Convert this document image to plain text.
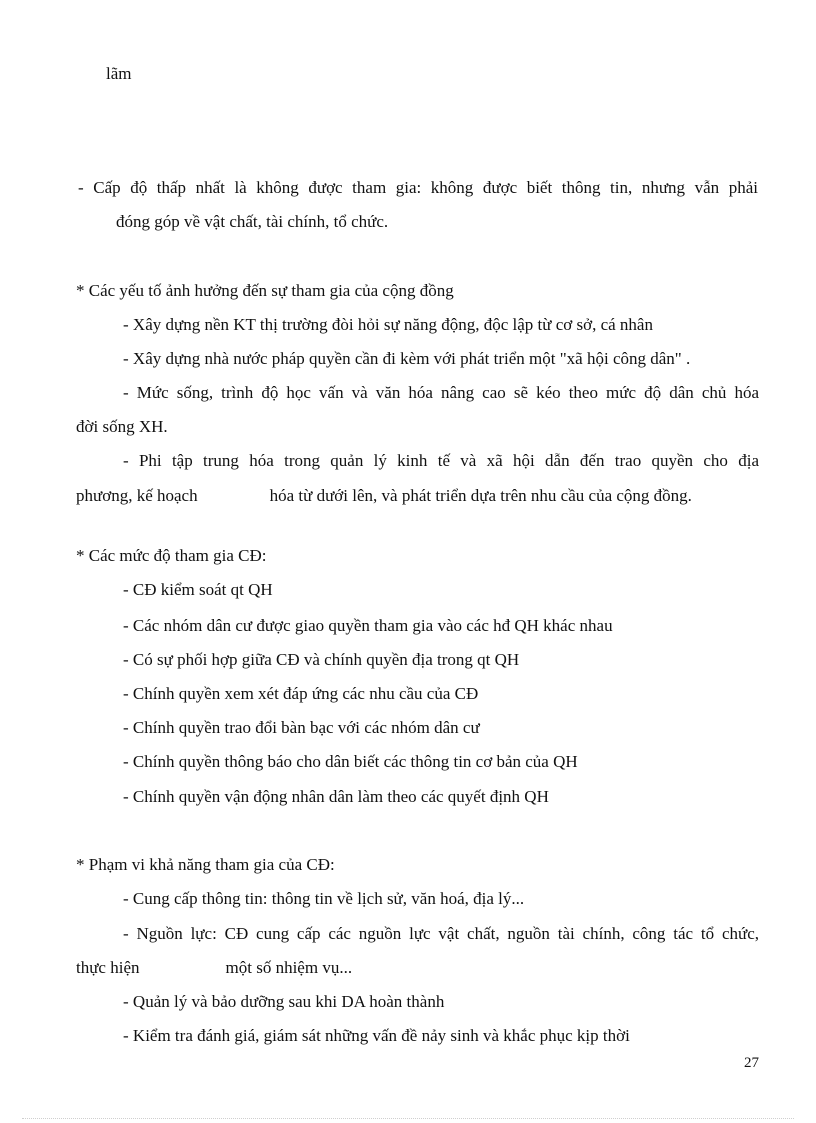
lãm
- Cấp độ thấp nhất là không được tham gia: không được biết thông tin, nhưng vẫn phải
đóng góp về vật chất, tài chính, tổ chức.
* Các yếu tố ảnh hưởng đến sự tham gia của cộng đồng
- Xây dựng nền KT thị trường đòi hỏi sự năng động, độc lập từ cơ sở, cá nhân
- Xây dựng nhà nước pháp quyền cần đi kèm với phát triển một "xã hội công dân" .
- Mức sống, trình độ học vấn và văn hóa nâng cao sẽ kéo theo mức độ dân chủ hóa
đời sống XH.
- Phi tập trung hóa trong quản lý kinh tế và xã hội dẫn đến trao quyền cho địa
phương, kế hoạch	hóa từ dưới lên, và phát triển dựa trên nhu cầu của cộng đồng.
* Các mức độ tham gia CĐ:
- CĐ kiểm soát qt QH
- Các nhóm dân cư được giao quyền tham gia vào các hđ QH khác nhau
- Có sự phối hợp giữa CĐ và chính quyền địa trong qt QH
- Chính quyền xem xét đáp ứng các nhu cầu của CĐ
- Chính quyền trao đổi bàn bạc với các nhóm dân cư
- Chính quyền thông báo cho dân biết các thông tin cơ bản của QH
- Chính quyền vận động nhân dân làm theo các quyết định QH
* Phạm vi khả năng tham gia của CĐ:
- Cung cấp thông tin: thông tin về lịch sử, văn hoá, địa lý...
- Nguồn lực: CĐ cung cấp các nguồn lực vật chất, nguồn tài chính, công tác tổ chức,
thực hiện	một số nhiệm vụ...
- Quản lý và bảo dưỡng sau khi DA hoàn thành
- Kiểm tra đánh giá, giám sát những vấn đề nảy sinh và khắc phục kịp thời
27
